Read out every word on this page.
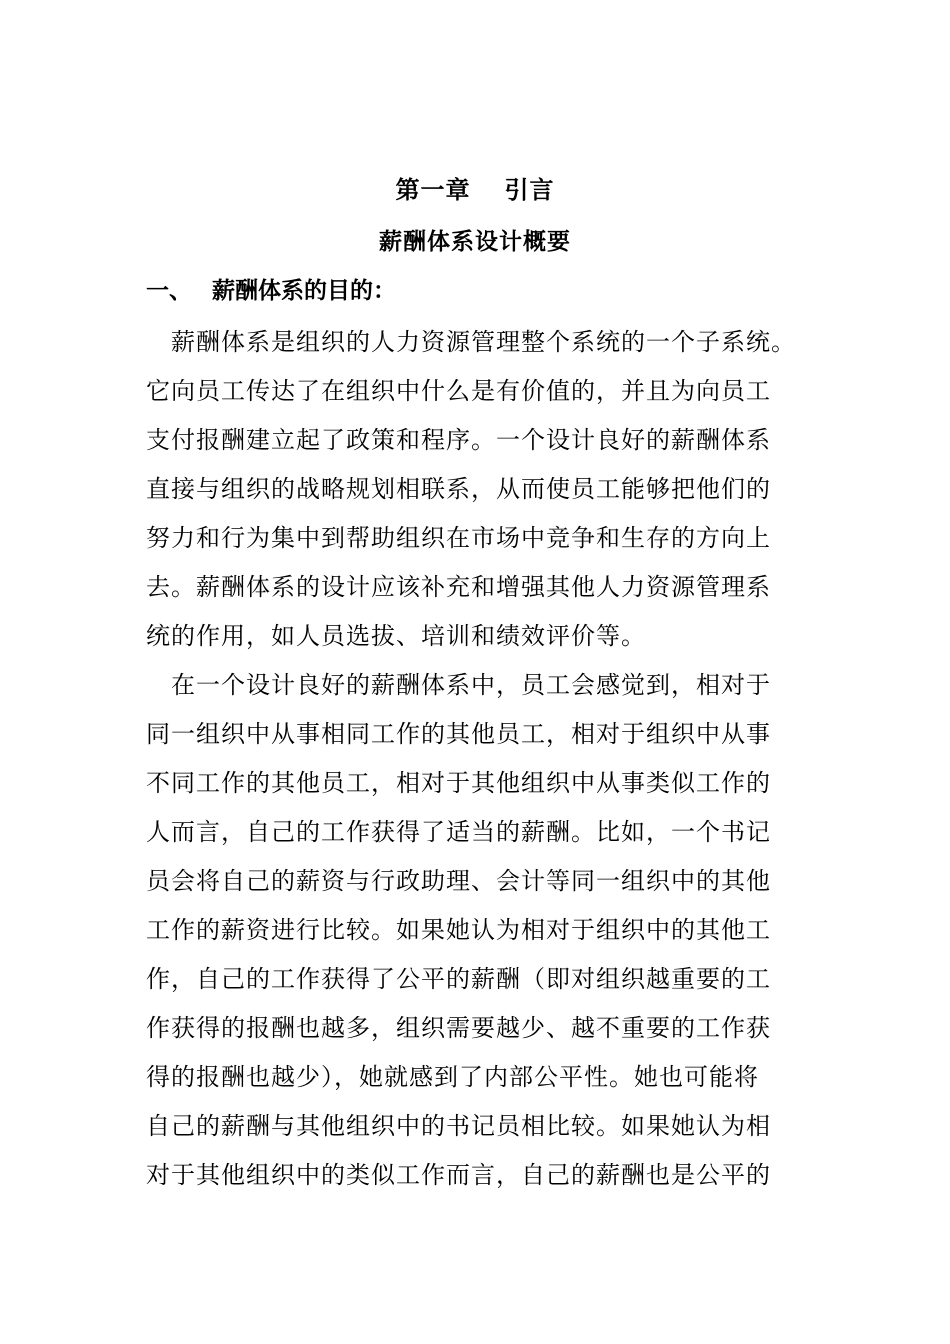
第一章 引言
薪酬体系设计概要
一、 薪酬体系的目的：
　薪酬体系是组织的人力资源管理整个系统的一个子系统。
它向员工传达了在组织中什么是有价值的，并且为向员工
支付报酬建立起了政策和程序。一个设计良好的薪酬体系
直接与组织的战略规划相联系，从而使员工能够把他们的
努力和行为集中到帮助组织在市场中竞争和生存的方向上
去。薪酬体系的设计应该补充和增强其他人力资源管理系
统的作用，如人员选拔、培训和绩效评价等。
　在一个设计良好的薪酬体系中，员工会感觉到，相对于
同一组织中从事相同工作的其他员工，相对于组织中从事
不同工作的其他员工，相对于其他组织中从事类似工作的
人而言，自己的工作获得了适当的薪酬。比如，一个书记
员会将自己的薪资与行政助理、会计等同一组织中的其他
工作的薪资进行比较。如果她认为相对于组织中的其他工
作，自己的工作获得了公平的薪酬（即对组织越重要的工
作获得的报酬也越多，组织需要越少、越不重要的工作获
得的报酬也越少），她就感到了内部公平性。她也可能将
自己的薪酬与其他组织中的书记员相比较。如果她认为相
对于其他组织中的类似工作而言，自己的薪酬也是公平的
